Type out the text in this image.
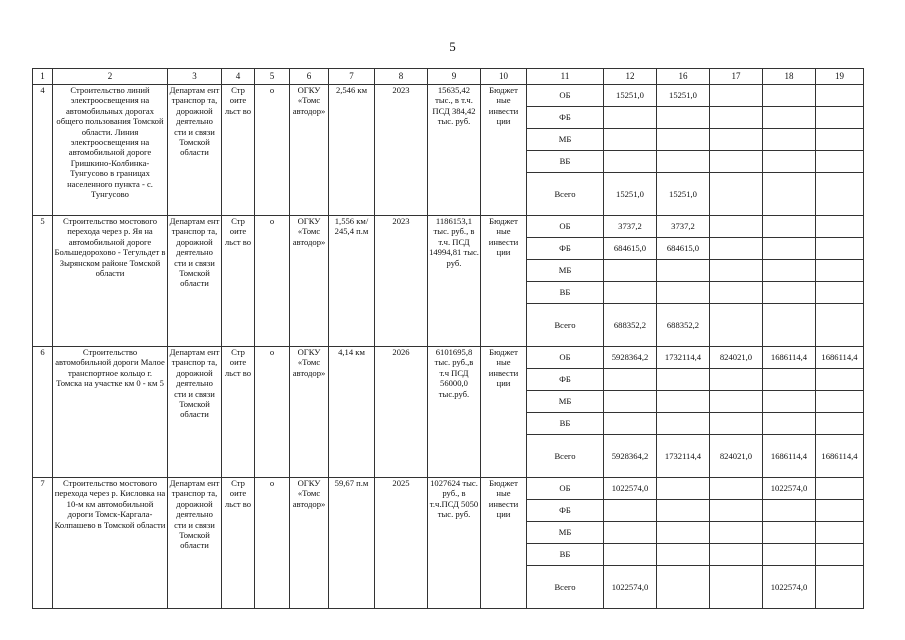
5
1	2	3	4	5	6	7	8	9	10	11	12	16	17	18	19
4	Строительство линий электроосвещения на автомобильных дорогах общего пользования Томской области. Линия электроосвещения на автомобильной дороге Гришкино-Колбинка-Тунгусово в границах населенного пункта - с. Тунгусово	Департам ент транспор та, дорожной деятельно сти и связи Томской области	Стр оите льст во	о	ОГКУ «Томс автодор»	2,546 км	2023	15635,42 тыс., в т.ч. ПСД 384,42 тыс. руб.	Бюджет ные инвести ции	ОБ	15251,0	15251,0			
										ФБ					
										МБ					
										ВБ					
										Всего	15251,0	15251,0			
5	Строительство мостового перехода через р. Яя на автомобильной дороге Большедорохово - Тегульдет в Зырянском районе Томской области	Департам ент транспор та, дорожной деятельно сти и связи Томской области	Стр оите льст во	о	ОГКУ «Томс автодор»	1,556 км/ 245,4 п.м	2023	1186153,1 тыс. руб., в т.ч. ПСД 14994,81 тыс. руб.	Бюджет ные инвести ции	ОБ	3737,2	3737,2			
										ФБ	684615,0	684615,0			
										МБ					
										ВБ					
										Всего	688352,2	688352,2			
6	Строительство автомобильной дороги Малое транспортное кольцо г. Томска на участке км 0 - км 5	Департам ент транспор та, дорожной деятельно сти и связи Томской области	Стр оите льст во	о	ОГКУ «Томс автодор»	4,14 км	2026	6101695,8 тыс. руб.,в т.ч ПСД 56000,0 тыс.руб.	Бюджет ные инвести ции	ОБ	5928364,2	1732114,4	824021,0	1686114,4	1686114,4
										ФБ					
										МБ					
										ВБ					
										Всего	5928364,2	1732114,4	824021,0	1686114,4	1686114,4
7	Строительство мостового перехода через р. Кисловка на 10-м км автомобильной дороги Томск-Каргала-Колпашево в Томской области	Департам ент транспор та, дорожной деятельно сти и связи Томской области	Стр оите льст во	о	ОГКУ «Томс автодор»	59,67 п.м	2025	1027624 тыс. руб., в т.ч.ПСД 5050 тыс. руб.	Бюджет ные инвести ции	ОБ	1022574,0			1022574,0	
										ФБ					
										МБ					
										ВБ					
										Всего	1022574,0			1022574,0	
